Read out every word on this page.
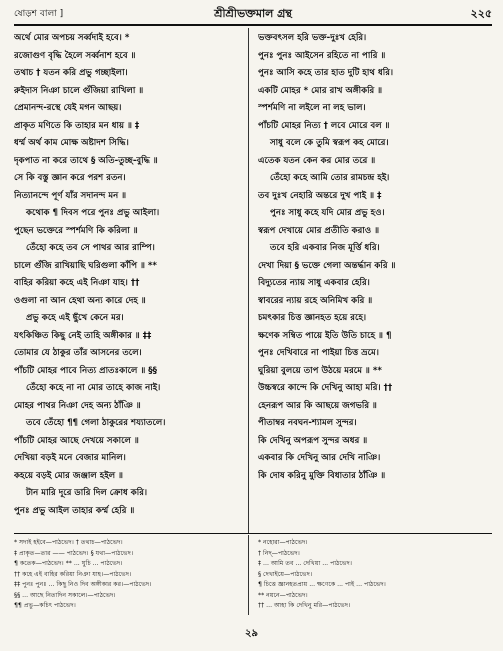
ষোড়শ বালা ]	শ্রীশ্রীভক্তমাল গ্রন্থ	২২৫
অর্থে মোর অপচয় সর্ব্বদাই হবে। *
রজোগুণ বৃদ্ধি হৈলে সর্ব্বনাশ হবে ॥
তথাচ † যতন করি প্রভু গচ্ছাইলা।
রুইদাস নিঞা চালে গুঁজিয়া রাখিলা ॥
প্রেমানন্দ-রস্থে যেই মগন আছয়।
প্রাকৃত মণিতে কি তাহার মন ধায় ॥ ‡
ধর্ম্ম অর্থ কাম মোক্ষ অষ্টাদশ সিদ্ধি।
দৃকপাত না করে তাথে § অতি-তুচ্ছ-বুদ্ধি ॥
সে কি বস্তু জ্ঞান করে পরশ রতন।
নিত্যানন্দে পূর্ণ যাঁর সদানন্দ মন ॥
কথোক ¶ দিবস পরে পুনঃ প্রভু আইলা।
পুছেন ভক্তেরে স্পর্শমণি কি করিলা ॥
তেঁহো কহে তব সে পাথর আর রাম্পি।
চালে গুঁজি রাখিয়াছি ঘরিগুলা কাঁপি ॥ **
বাহির করিয়া কহে এই নিঞা যাহ। ††
ওগুলা না আন হেথা অন্য কারে দেহ ॥
প্রভু কহে এই ছুঁখে কেনে মর।
যৎকিঞ্চিত কিছু নেই তাহি অঙ্গীকার ॥ ‡‡
তোমার যে ঠাকুর তাঁর আসনের তলে।
পাঁচটি মোহর পাবে নিত্য প্রাতঃকালে ॥ §§
তেঁহো কহে না না মোর তাহে কাজ নাই।
মোহর পাথর নিঞা দেহ অন্য ঠাঁঞি ॥
তবে তেঁহো ¶¶ গেলা ঠাকুরের শয্যাতলে।
পাঁচটি মোহর আছে দেখয়ে সকালে ॥
দেখিয়া বড়ই মনে বেজার মানিল।
কহয়ে বড়ই মোর জঞ্জাল হইল ॥
টান মারি দূরে ডারি দিল ক্রোধ করি।
পুনঃ প্রভু আইল তাহার কর্ম্ম হেরি ॥
ভক্তবৎসল হরি ভক্ত-দুঃখ হেরি।
পুনঃ পুনঃ আইসেন রহিতে না পারি ॥
পুনঃ আসি কহে তার হাত দুটি হাথ ধরি।
একটি মোহর * মোর রাখ অঙ্গীকরি ॥
স্পর্শমণি না লইলে না লহ ভাল।
পাঁচটি মোহর নিত্য † লবে মোরে বল ॥
সাধু বলে কে তুমি স্বরূপ কহ মোরে।
এতেক যতন কেন কর মোর তরে ॥
তেঁহো কহে আমি তোর রামচন্দ্র হই।
তব দুঃখ নেহারি অন্তরে দুখ পাই ॥ ‡
পুনঃ সাধু কহে যদি মোর প্রভু হও।
স্বরূপ দেখায়ে মোর প্রতীতি করাও ॥
তবে হরি একবার নিজ মূর্ত্তি ধরি।
দেখা দিয়া § ভক্তে গেলা অন্তর্দ্ধান করি ॥
বিদ্যুতের ন্যায় সাধু একবার হেরি।
স্বাবরের ন্যায় রহে অনিমিখ করি ॥
চমৎকার চিত্ত জ্ঞানহত হয়ে রহে।
ক্ষণেক সম্বিত পায়ে ইতি উতি চাহে ॥ ¶
পুনঃ দেখিবারে না পাইয়া চিত্ত ভ্রমে।
ঘুরিয়া বুলয়ে তাপ উঠয়ে মরমে ॥ **
উচ্চস্বরে কান্দে কি দেখিনু আহা মরি। ††
হেনরূপ আর কি আছয়ে জগভরি ॥
পীতাম্বর নবঘন-শ্যামল সুন্দর।
কি দেখিনু অপরূপ সুন্দর অধর ॥
একবার কি দেখিনু আর দেখি নাঞি।
কি দোষ করিনু মুক্তি বিধাতার ঠাঁঞি ॥
* সদাই হইবে—পাঠভেদ। † তথাচ—পাঠভেদ।
‡ প্রাকৃত—তার —— পাঠভেদ। § যথা—পাঠভেদ।
¶ কতেক—পাঠভেদ। ** ... ঘুচি ... পাঠভেদ।
†† কহে এই বাহির করিয়া নিঞা যাহ।—পাঠভেদ।
‡‡ পুনঃ পুনঃ ... কিছু নিও দিব অঙ্গীকার কর।—পাঠভেদ।
§§ ... আছে নিতাদিন সকালে।—পাঠভেদ।
¶¶ প্রভু—কচিৎ পাঠভেদ।
* নহোরা—পাঠভেদ।
† নিদ্—পাঠভেদ।
‡ ... আমি তব ... দেখিয়া ... পাঠভেদ।
§ দেখাইয়ে—পাঠভেদ।
¶ চিত্তে জ্ঞানহতপ্রায় ... ক্ষণেকে ... পাই ... পাঠভেদ।
** নয়নে—পাঠভেদ।
†† ... আহা কি দেখিনু মরি—পাঠভেদ।
২৯
